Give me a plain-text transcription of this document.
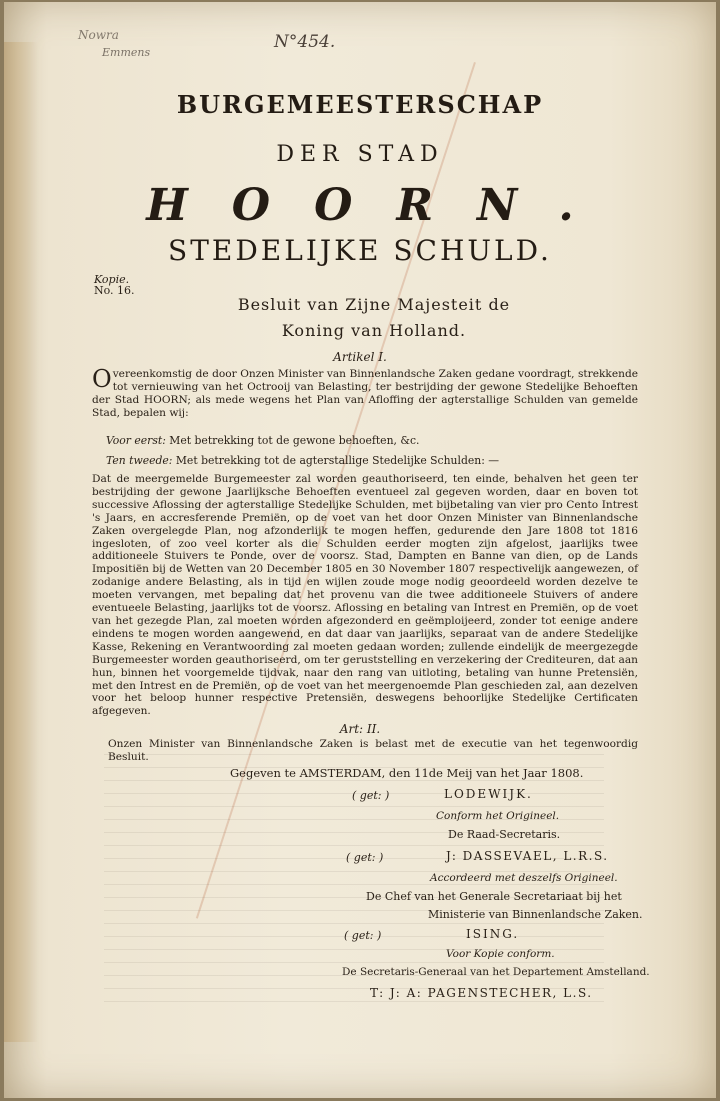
Nowra
Emmens
N°454.
BURGEMEESTERSCHAP
DER STAD
HOORN.
STEDELIJKE SCHULD.
Kopie.
No. 16.
Besluit van Zijne Majesteit de
Koning van Holland.
Artikel I.
Overeenkomstig de door Onzen Minister van Binnenlandsche Zaken gedane voordragt, strekkende tot vernieuwing van het Octrooij van Belasting, ter bestrijding der gewone Stedelijke Behoeften der Stad HOORN; als mede wegens het Plan van Afloffing der agterstallige Schulden van gemelde Stad, bepalen wij:
Voor eerst: Met betrekking tot de gewone behoeften, &c.
Ten tweede: Met betrekking tot de agterstallige Stedelijke Schulden: —
Dat de meergemelde Burgemeester zal worden geauthoriseerd, ten einde, behalven het geen ter bestrijding der gewone Jaarlijksche Behoeften eventueel zal gegeven worden, daar en boven tot successive Aflossing der agterstallige Stedelijke Schulden, met bijbetaling van vier pro Cento Intrest 's Jaars, en accresferende Premiën, op de voet van het door Onzen Minister van Binnenlandsche Zaken overgelegde Plan, nog afzonderlijk te mogen heffen, gedurende den Jare 1808 tot 1816 ingesloten, of zoo veel korter als die Schulden eerder mogten zijn afgelost, jaarlijks twee additioneele Stuivers te Ponde, over de voorsz. Stad, Dampten en Banne van dien, op de Lands Impositiën bij de Wetten van 20 December 1805 en 30 November 1807 respectivelijk aangewezen, of zodanige andere Belasting, als in tijd en wijlen zoude moge nodig geoordeeld worden dezelve te moeten vervangen, met bepaling dat het provenu van die twee additioneele Stuivers of andere eventueele Belasting, jaarlijks tot de voorsz. Aflossing en betaling van Intrest en Premiën, op de voet van het gezegde Plan, zal moeten worden afgezonderd en geëmploijeerd, zonder tot eenige andere eindens te mogen worden aangewend, en dat daar van jaarlijks, separaat van de andere Stedelijke Kasse, Rekening en Verantwoording zal moeten gedaan worden; zullende eindelijk de meergezegde Burgemeester worden geauthoriseerd, om ter geruststelling en verzekering der Crediteuren, dat aan hun, binnen het voorgemelde tijdvak, naar den rang van uitloting, betaling van hunne Pretensiën, met den Intrest en de Premiën, op de voet van het meergenoemde Plan geschieden zal, aan dezelven voor het beloop hunner respective Pretensiën, deswegens behoorlijke Stedelijke Certificaten afgegeven.
Art: II.
Onzen Minister van Binnenlandsche Zaken is belast met de executie van het tegenwoordig Besluit.
Gegeven te AMSTERDAM, den 11de Meij van het Jaar 1808.
( get: )	LODEWIJK.
Conform het Origineel.
De Raad-Secretaris.
( get: )	J: DASSEVAEL, L.R.S.
Accordeerd met deszelfs Origineel.
De Chef van het Generale Secretariaat bij het
Ministerie van Binnenlandsche Zaken.
( get: )	ISING.
Voor Kopie conform.
De Secretaris-Generaal van het Departement Amstelland.
T: J: A: PAGENSTECHER, L.S.
